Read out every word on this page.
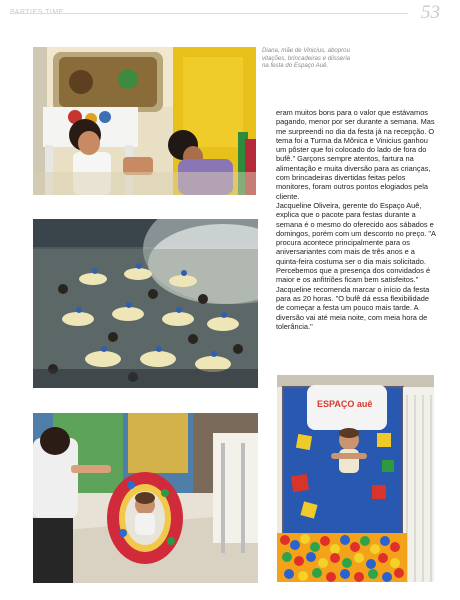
53
Diana, mãe de Vinicius, aboprou vitações, brincadeiras e diisseria na festa do Espaço Auê.

eram muitos bons para o valor que estávamos pagando, menor por ser durante a semana. Mas me surpreendi no dia da festa já na recepção. O tema foi a Turma da Mônica e Vinicius ganhou um pôster que foi colocado do lado de fora do bufê." Garçons sempre atentos, fartura na alimentação e muita diversão para as crianças, com brincadeiras divertidas feitas pelos monitores, foram outros pontos elogiados pela cliente.

Jacqueline Oliveira, gerente do Espaço Auê, explica que o pacote para festas durante a semana é o mesmo do oferecido aos sábados e domingos, porém com um desconto no preço. "A procura acontece principalmente para os aniversariantes com mais de três anos e a quinta-feira costuma ser o dia mais solicitado. Percebemos que a presença dos convidados é maior e os anfitriões ficam bem satisfeitos." Jacqueline recomenda marcar o início da festa para as 20 horas. "O bufê dá essa flexibilidade de começar a festa um pouco mais tarde. A diversão vai até meia noite, com meia hora de tolerância."

ESPAÇO auê
